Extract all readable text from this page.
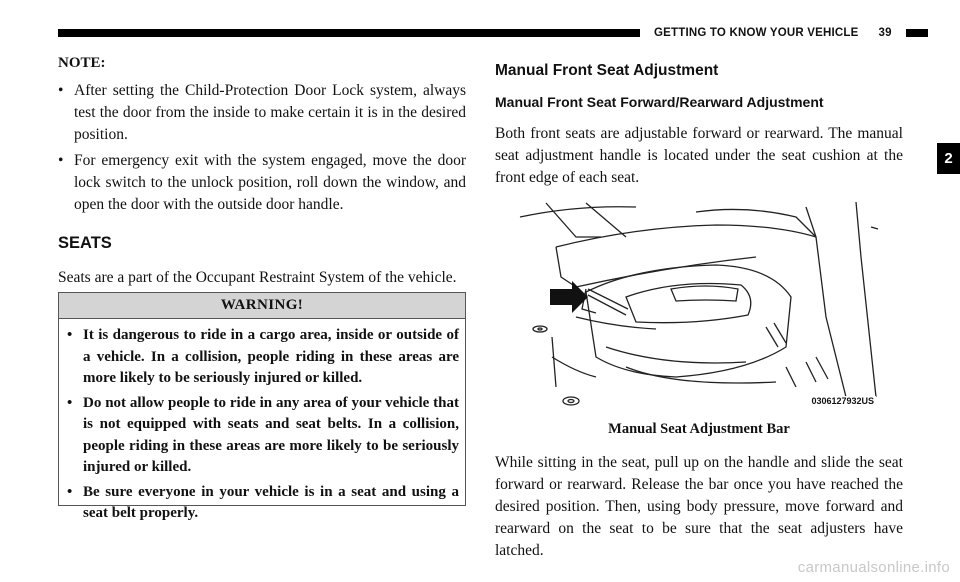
GETTING TO KNOW YOUR VEHICLE 39
2

NOTE:

• After setting the Child-Protection Door Lock system, always test the door from the inside to make certain it is in the desired position.
• For emergency exit with the system engaged, move the door lock switch to the unlock position, roll down the window, and open the door with the outside door handle.
SEATS

Seats are a part of the Occupant Restraint System of the vehicle.

WARNING!
• It is dangerous to ride in a cargo area, inside or outside of a vehicle. In a collision, people riding in these areas are more likely to be seriously injured or killed.
• Do not allow people to ride in any area of your vehicle that is not equipped with seats and seat belts. In a collision, people riding in these areas are more likely to be seriously injured or killed.
• Be sure everyone in your vehicle is in a seat and using a seat belt properly.
Manual Front Seat Adjustment
Manual Front Seat Forward/Rearward Adjustment

Both front seats are adjustable forward or rearward. The manual seat adjustment handle is located under the seat cushion at the front edge of each seat.

0306127932US
Manual Seat Adjustment Bar

While sitting in the seat, pull up on the handle and slide the seat forward or rearward. Release the bar once you have reached the desired position. Then, using body pressure, move forward and rearward on the seat to be sure that the seat adjusters have latched.

carmanualsonline.info
